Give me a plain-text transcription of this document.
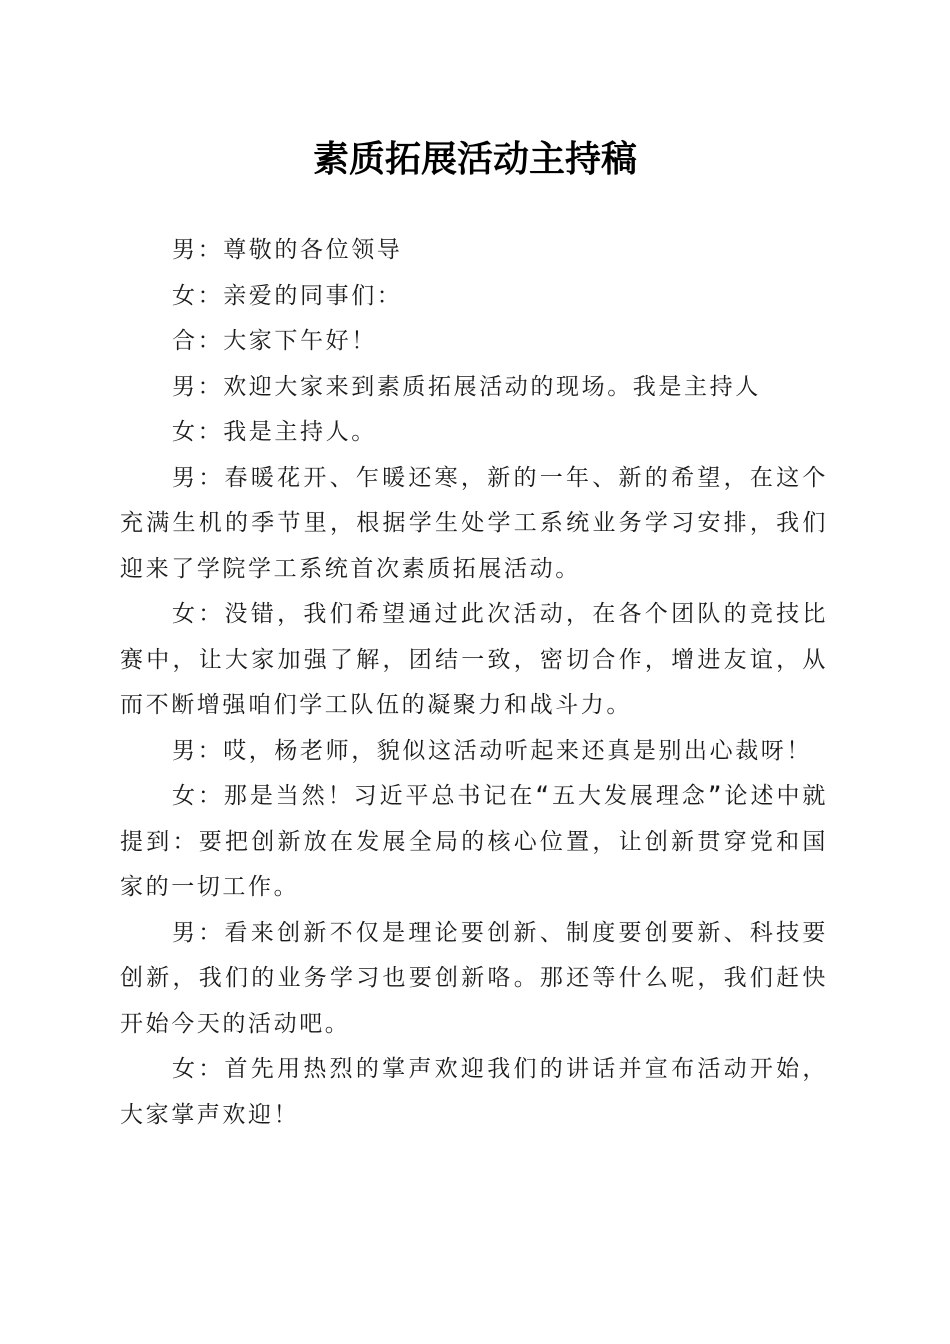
素质拓展活动主持稿

男：尊敬的各位领导

女：亲爱的同事们：

合：大家下午好！

男：欢迎大家来到素质拓展活动的现场。我是主持人

女：我是主持人。

男：春暖花开、乍暖还寒，新的一年、新的希望，在这个充满生机的季节里，根据学生处学工系统业务学习安排，我们迎来了学院学工系统首次素质拓展活动。

女：没错，我们希望通过此次活动，在各个团队的竞技比赛中，让大家加强了解，团结一致，密切合作，增进友谊，从而不断增强咱们学工队伍的凝聚力和战斗力。

男：哎，杨老师，貌似这活动听起来还真是别出心裁呀！

女：那是当然！习近平总书记在“五大发展理念”论述中就提到：要把创新放在发展全局的核心位置，让创新贯穿党和国家的一切工作。

男：看来创新不仅是理论要创新、制度要创要新、科技要创新，我们的业务学习也要创新咯。那还等什么呢，我们赶快开始今天的活动吧。

女：首先用热烈的掌声欢迎我们的讲话并宣布活动开始，大家掌声欢迎！
